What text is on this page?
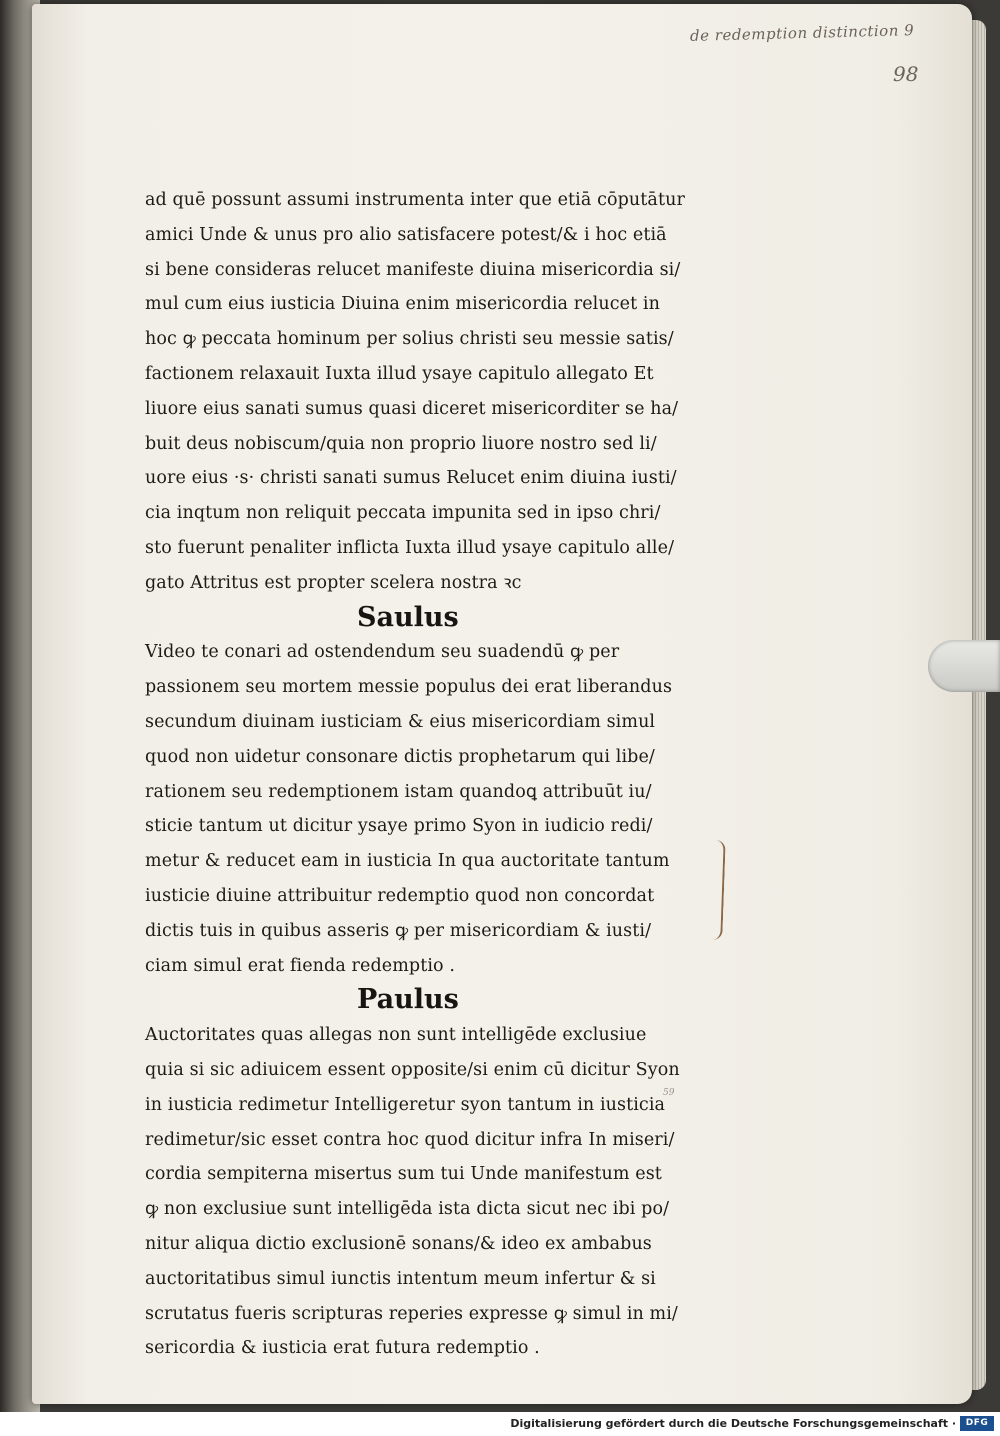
de redemption distinction 9
98
59
ad quē possunt assumi instrumenta inter que etiā cōputātur
amici Unde & unus pro alio satisfacere potest/& i hoc etiā
si bene consideras relucet manifeste diuina misericordia si/
mul cum eius iusticia Diuina enim misericordia relucet in
hoc ꝙ peccata hominum per solius christi seu messie satis/
factionem relaxauit Iuxta illud ysaye capitulo allegato Et
liuore eius sanati sumus quasi diceret misericorditer se ha/
buit deus nobiscum/quia non proprio liuore nostro sed li/
uore eius ·s· christi sanati sumus Relucet enim diuina iusti/
cia inqtum non reliquit peccata impunita sed in ipso chri/
sto fuerunt penaliter inflicta Iuxta illud ysaye capitulo alle/
gato Attritus est propter scelera nostra ꝛc
Saulus
Video te conari ad ostendendum seu suadendū ꝙ per
passionem seu mortem messie populus dei erat liberandus
secundum diuinam iusticiam & eius misericordiam simul
quod non uidetur consonare dictis prophetarum qui libe/
rationem seu redemptionem istam quandoꝗ attribuūt iu/
sticie tantum ut dicitur ysaye primo Syon in iudicio redi/
metur & reducet eam in iusticia In qua auctoritate tantum
iusticie diuine attribuitur redemptio quod non concordat
dictis tuis in quibus asseris ꝙ per misericordiam & iusti/
ciam simul erat fienda redemptio .
Paulus
Auctoritates quas allegas non sunt intelligēde exclusiue
quia si sic adiuicem essent opposite/si enim cū dicitur Syon
in iusticia redimetur Intelligeretur syon tantum in iusticia
redimetur/sic esset contra hoc quod dicitur infra In miseri/
cordia sempiterna misertus sum tui Unde manifestum est
ꝙ non exclusiue sunt intelligēda ista dicta sicut nec ibi po/
nitur aliqua dictio exclusionē sonans/& ideo ex ambabus
auctoritatibus simul iunctis intentum meum infertur & si
scrutatus fueris scripturas reperies expresse ꝙ simul in mi/
sericordia & iusticia erat futura redemptio .
Digitalisierung gefördert durch die Deutsche Forschungsgemeinschaft ·	DFG
